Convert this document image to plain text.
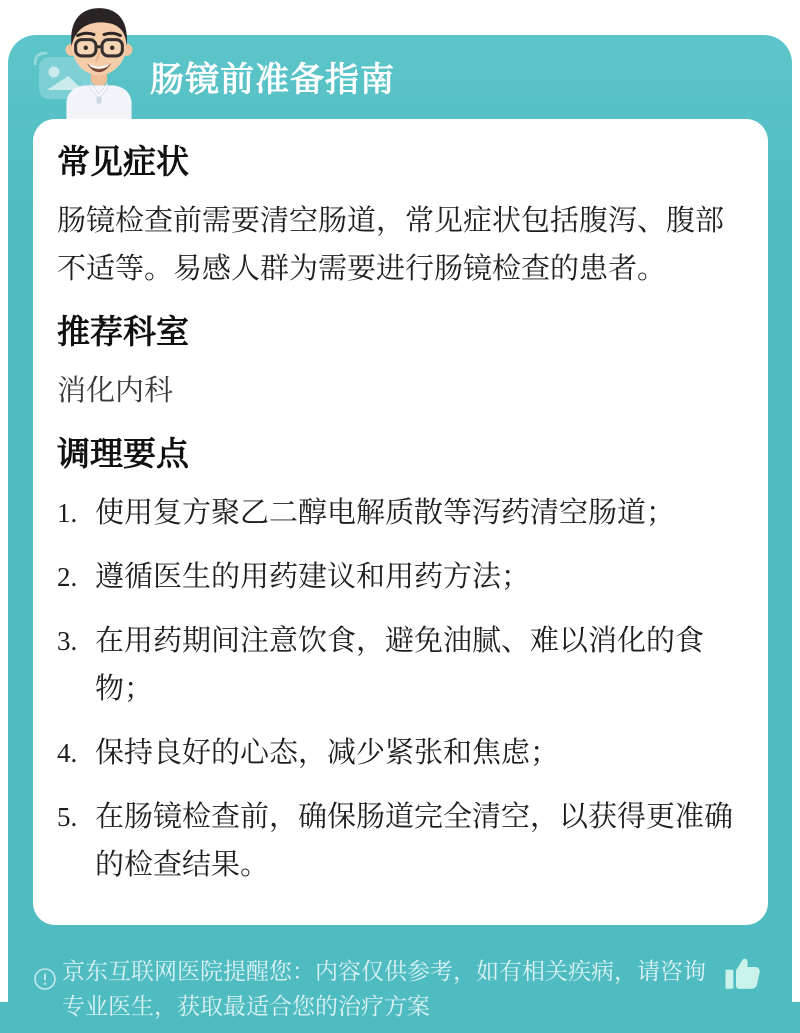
肠镜前准备指南
常见症状

肠镜检查前需要清空肠道，常见症状包括腹泻、腹部不适等。易感人群为需要进行肠镜检查的患者。

推荐科室

消化内科

调理要点
使用复方聚乙二醇电解质散等泻药清空肠道；
遵循医生的用药建议和用药方法；
在用药期间注意饮食，避免油腻、难以消化的食物；
保持良好的心态，减少紧张和焦虑；
在肠镜检查前，确保肠道完全清空，以获得更准确的检查结果。

京东互联网医院提醒您：内容仅供参考，如有相关疾病，请咨询专业医生，获取最适合您的治疗方案
